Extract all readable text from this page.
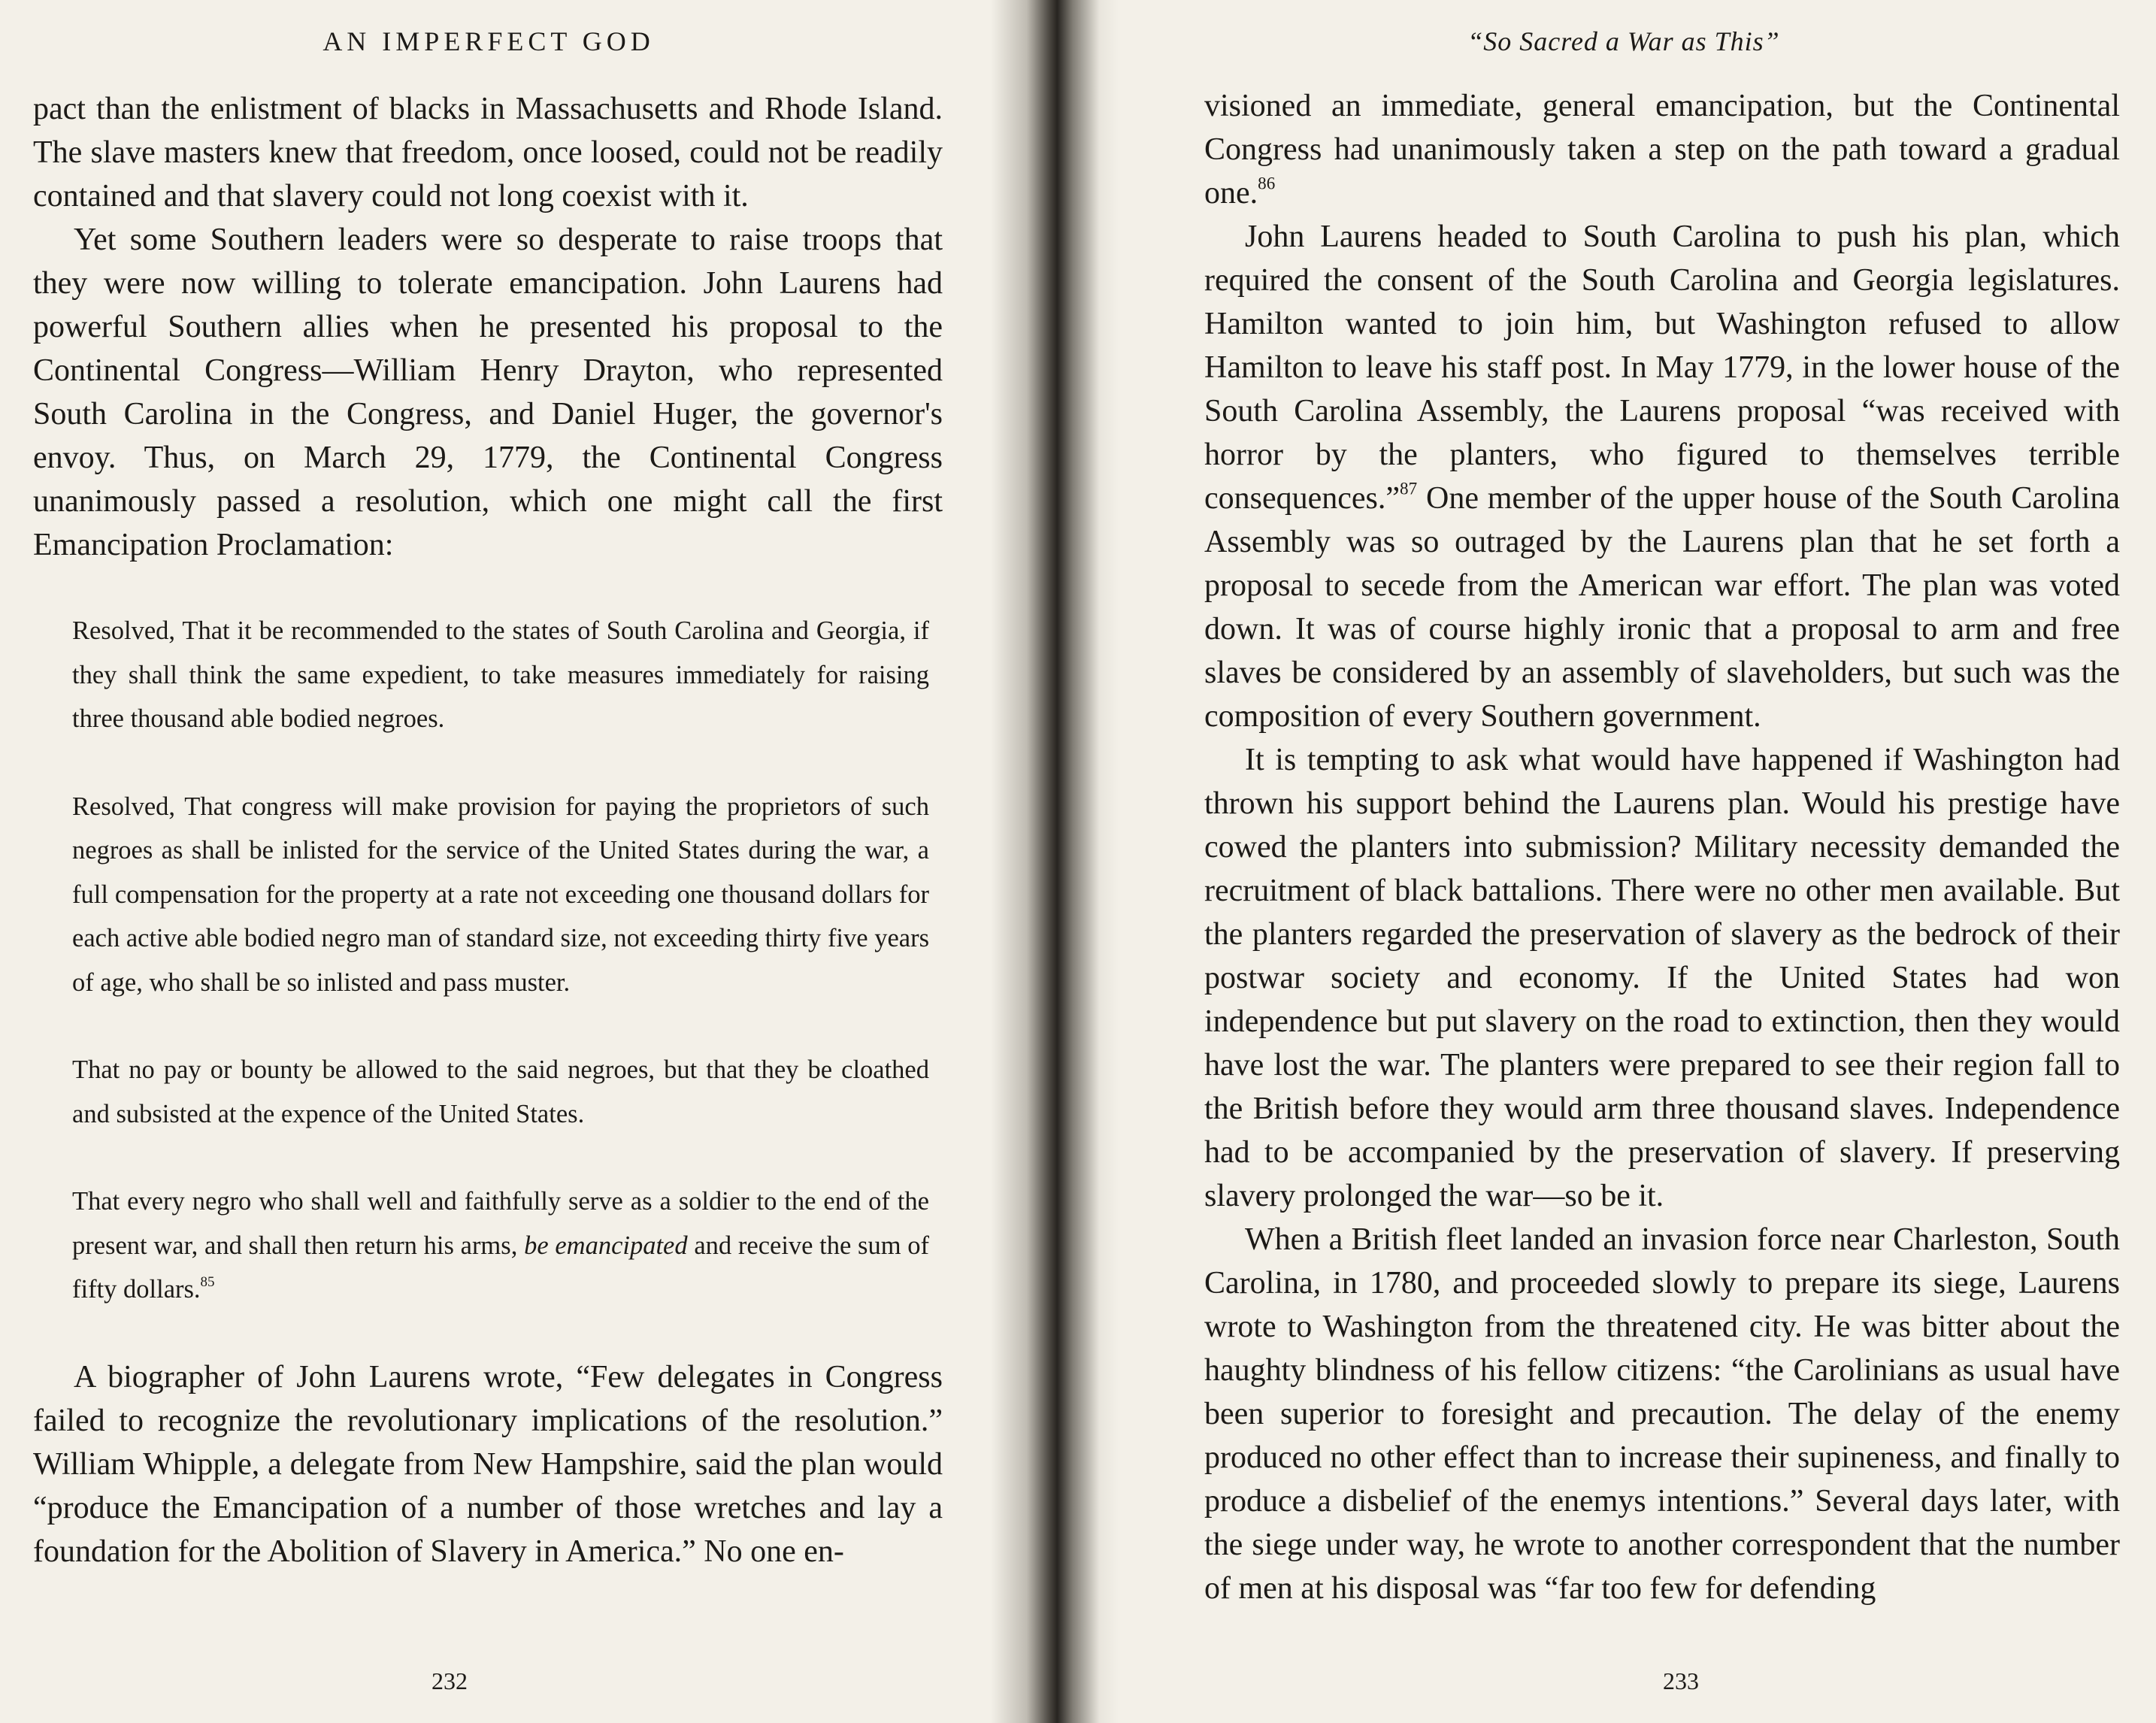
AN IMPERFECT GOD

pact than the enlistment of blacks in Massachusetts and Rhode Island. The slave masters knew that freedom, once loosed, could not be readily contained and that slavery could not long coexist with it.

Yet some Southern leaders were so desperate to raise troops that they were now willing to tolerate emancipation. John Laurens had powerful Southern allies when he presented his proposal to the Continental Congress—William Henry Drayton, who represented South Carolina in the Congress, and Daniel Huger, the governor's envoy. Thus, on March 29, 1779, the Continental Congress unanimously passed a resolution, which one might call the first Emancipation Proclamation:

Resolved, That it be recommended to the states of South Carolina and Georgia, if they shall think the same expedient, to take measures immediately for raising three thousand able bodied negroes.

Resolved, That congress will make provision for paying the proprietors of such negroes as shall be inlisted for the service of the United States during the war, a full compensation for the property at a rate not exceeding one thousand dollars for each active able bodied negro man of standard size, not exceeding thirty five years of age, who shall be so inlisted and pass muster.

That no pay or bounty be allowed to the said negroes, but that they be cloathed and subsisted at the expence of the United States.

That every negro who shall well and faithfully serve as a soldier to the end of the present war, and shall then return his arms, be emancipated and receive the sum of fifty dollars.$^{85}$

A biographer of John Laurens wrote, “Few delegates in Congress failed to recognize the revolutionary implications of the resolution.” William Whipple, a delegate from New Hampshire, said the plan would “produce the Emancipation of a number of those wretches and lay a foundation for the Abolition of Slavery in America.” No one en-

232
“So Sacred a War as This”

visioned an immediate, general emancipation, but the Continental Congress had unanimously taken a step on the path toward a gradual one.$^{86}$

John Laurens headed to South Carolina to push his plan, which required the consent of the South Carolina and Georgia legislatures. Hamilton wanted to join him, but Washington refused to allow Hamilton to leave his staff post. In May 1779, in the lower house of the South Carolina Assembly, the Laurens proposal “was received with horror by the planters, who figured to themselves terrible consequences.”$^{87}$ One member of the upper house of the South Carolina Assembly was so outraged by the Laurens plan that he set forth a proposal to secede from the American war effort. The plan was voted down. It was of course highly ironic that a proposal to arm and free slaves be considered by an assembly of slaveholders, but such was the composition of every Southern government.

It is tempting to ask what would have happened if Washington had thrown his support behind the Laurens plan. Would his prestige have cowed the planters into submission? Military necessity demanded the recruitment of black battalions. There were no other men available. But the planters regarded the preservation of slavery as the bedrock of their postwar society and economy. If the United States had won independence but put slavery on the road to extinction, then they would have lost the war. The planters were prepared to see their region fall to the British before they would arm three thousand slaves. Independence had to be accompanied by the preservation of slavery. If preserving slavery prolonged the war—so be it.

When a British fleet landed an invasion force near Charleston, South Carolina, in 1780, and proceeded slowly to prepare its siege, Laurens wrote to Washington from the threatened city. He was bitter about the haughty blindness of his fellow citizens: “the Carolinians as usual have been superior to foresight and precaution. The delay of the enemy produced no other effect than to increase their supineness, and finally to produce a disbelief of the enemys intentions.” Several days later, with the siege under way, he wrote to another correspondent that the number of men at his disposal was “far too few for defending

233
